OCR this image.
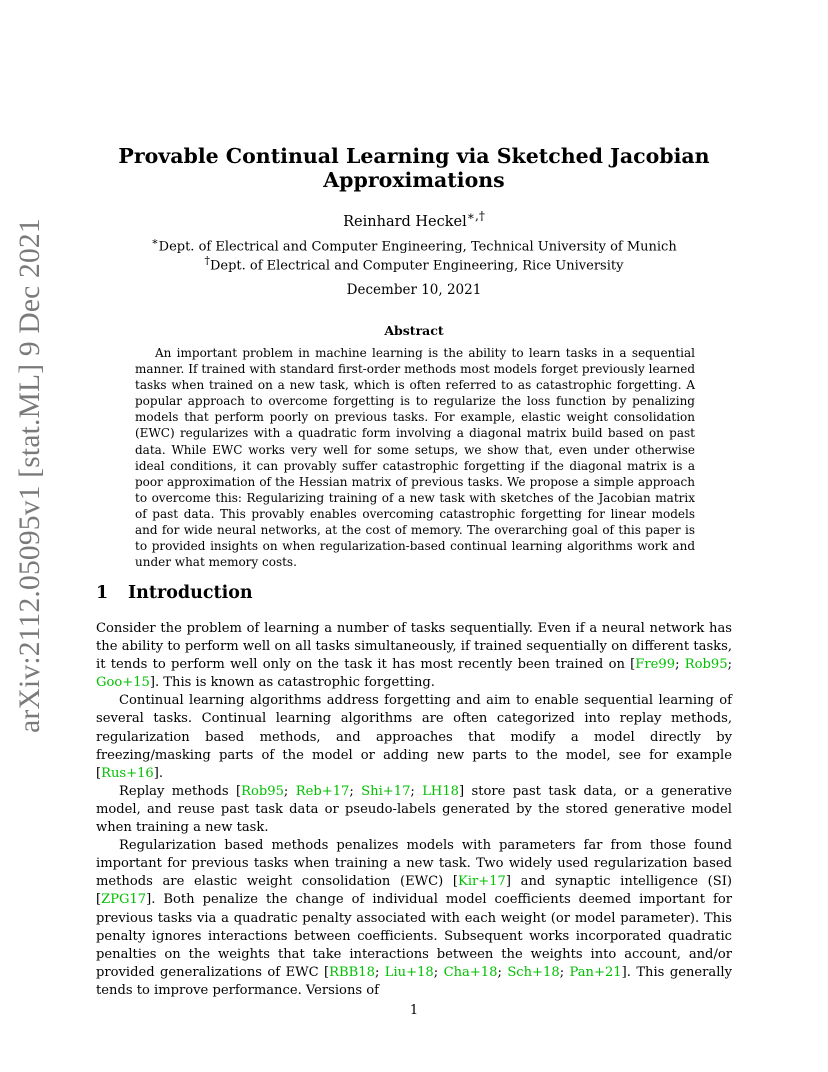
arXiv:2112.05095v1 [stat.ML] 9 Dec 2021
Provable Continual Learning via Sketched Jacobian Approximations
Reinhard Heckel∗,†
∗Dept. of Electrical and Computer Engineering, Technical University of Munich
†Dept. of Electrical and Computer Engineering, Rice University
December 10, 2021
Abstract

An important problem in machine learning is the ability to learn tasks in a sequential manner. If trained with standard first-order methods most models forget previously learned tasks when trained on a new task, which is often referred to as catastrophic forgetting. A popular approach to overcome forgetting is to regularize the loss function by penalizing models that perform poorly on previous tasks. For example, elastic weight consolidation (EWC) regularizes with a quadratic form involving a diagonal matrix build based on past data. While EWC works very well for some setups, we show that, even under otherwise ideal conditions, it can provably suffer catastrophic forgetting if the diagonal matrix is a poor approximation of the Hessian matrix of previous tasks. We propose a simple approach to overcome this: Regularizing training of a new task with sketches of the Jacobian matrix of past data. This provably enables overcoming catastrophic forgetting for linear models and for wide neural networks, at the cost of memory. The overarching goal of this paper is to provided insights on when regularization-based continual learning algorithms work and under what memory costs.

1 Introduction

Consider the problem of learning a number of tasks sequentially. Even if a neural network has the ability to perform well on all tasks simultaneously, if trained sequentially on different tasks, it tends to perform well only on the task it has most recently been trained on [Fre99; Rob95; Goo+15]. This is known as catastrophic forgetting.

Continual learning algorithms address forgetting and aim to enable sequential learning of several tasks. Continual learning algorithms are often categorized into replay methods, regularization based methods, and approaches that modify a model directly by freezing/masking parts of the model or adding new parts to the model, see for example [Rus+16].

Replay methods [Rob95; Reb+17; Shi+17; LH18] store past task data, or a generative model, and reuse past task data or pseudo-labels generated by the stored generative model when training a new task.

Regularization based methods penalizes models with parameters far from those found important for previous tasks when training a new task. Two widely used regularization based methods are elastic weight consolidation (EWC) [Kir+17] and synaptic intelligence (SI) [ZPG17]. Both penalize the change of individual model coefficients deemed important for previous tasks via a quadratic penalty associated with each weight (or model parameter). This penalty ignores interactions between coefficients. Subsequent works incorporated quadratic penalties on the weights that take interactions between the weights into account, and/or provided generalizations of EWC [RBB18; Liu+18; Cha+18; Sch+18; Pan+21]. This generally tends to improve performance. Versions of

1
